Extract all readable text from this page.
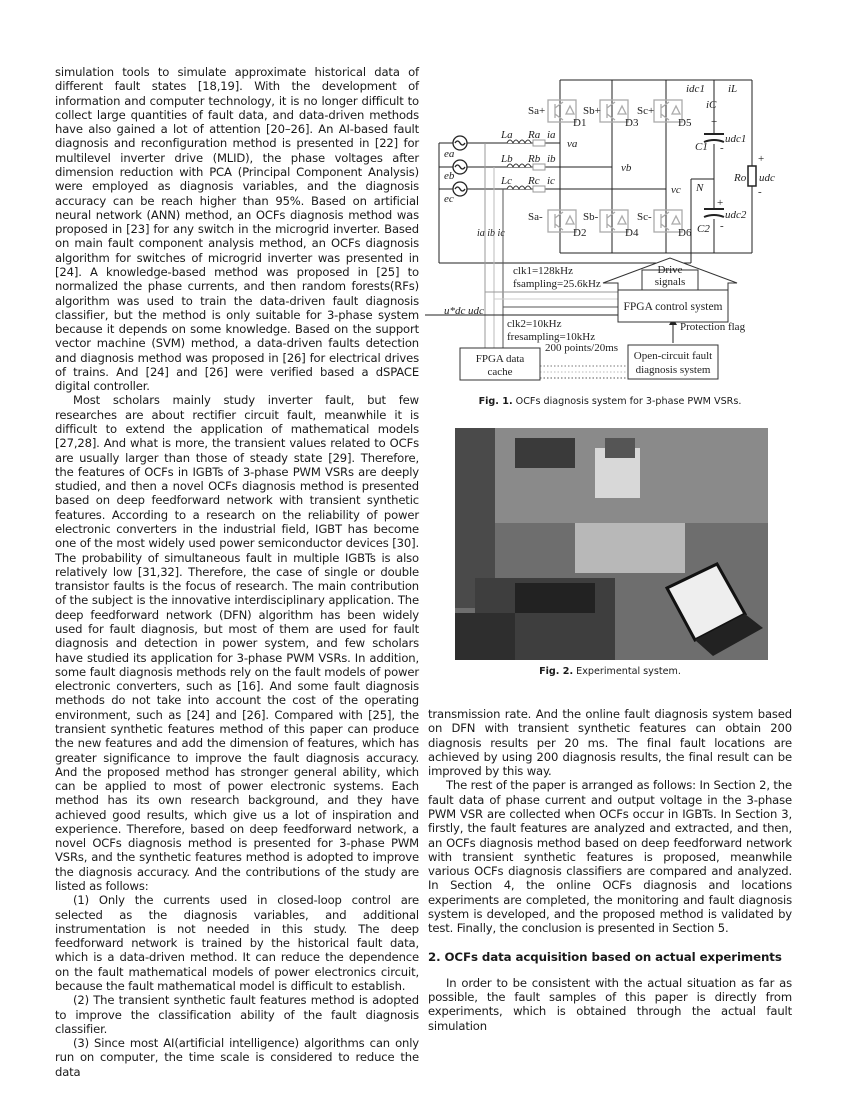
simulation tools to simulate approximate historical data of different fault states [18,19]. With the development of information and computer technology, it is no longer difficult to collect large quantities of fault data, and data-driven methods have also gained a lot of attention [20–26]. An AI-based fault diagnosis and reconfiguration method is presented in [22] for multilevel inverter drive (MLID), the phase voltages after dimension reduction with PCA (Principal Component Analysis) were employed as diagnosis variables, and the diagnosis accuracy can be reach higher than 95%. Based on artificial neural network (ANN) method, an OCFs diagnosis method was proposed in [23] for any switch in the microgrid inverter. Based on main fault component analysis method, an OCFs diagnosis algorithm for switches of microgrid inverter was presented in [24]. A knowledge-based method was proposed in [25] to normalized the phase currents, and then random forests(RFs) algorithm was used to train the data-driven fault diagnosis classifier, but the method is only suitable for 3-phase system because it depends on some knowledge. Based on the support vector machine (SVM) method, a data-driven faults detection and diagnosis method was proposed in [26] for electrical drives of trains. And [24] and [26] were verified based a dSPACE digital controller.

Most scholars mainly study inverter fault, but few researches are about rectifier circuit fault, meanwhile it is difficult to extend the application of mathematical models [27,28]. And what is more, the transient values related to OCFs are usually larger than those of steady state [29]. Therefore, the features of OCFs in IGBTs of 3-phase PWM VSRs are deeply studied, and then a novel OCFs diagnosis method is presented based on deep feedforward network with transient synthetic features. According to a research on the reliability of power electronic converters in the industrial field, IGBT has become one of the most widely used power semiconductor devices [30]. The probability of simultaneous fault in multiple IGBTs is also relatively low [31,32]. Therefore, the case of single or double transistor faults is the focus of research. The main contribution of the subject is the innovative interdisciplinary application. The deep feedforward network (DFN) algorithm has been widely used for fault diagnosis, but most of them are used for fault diagnosis and detection in power system, and few scholars have studied its application for 3-phase PWM VSRs. In addition, some fault diagnosis methods rely on the fault models of power electronic converters, such as [16]. And some fault diagnosis methods do not take into account the cost of the operating environment, such as [24] and [26]. Compared with [25], the transient synthetic features method of this paper can produce the new features and add the dimension of features, which has greater significance to improve the fault diagnosis accuracy. And the proposed method has stronger general ability, which can be applied to most of power electronic systems. Each method has its own research background, and they have achieved good results, which give us a lot of inspiration and experience. Therefore, based on deep feedforward network, a novel OCFs diagnosis method is presented for 3-phase PWM VSRs, and the synthetic features method is adopted to improve the diagnosis accuracy. And the contributions of the study are listed as follows:

(1) Only the currents used in closed-loop control are selected as the diagnosis variables, and additional instrumentation is not needed in this study. The deep feedforward network is trained by the historical fault data, which is a data-driven method. It can reduce the dependence on the fault mathematical models of power electronics circuit, because the fault mathematical model is difficult to establish.

(2) The transient synthetic fault features method is adopted to improve the classification ability of the fault diagnosis classifier.

(3) Since most AI(artificial intelligence) algorithms can only run on computer, the time scale is considered to reduce the data

Sa+	Sb+	Sc+
D1	D3	D5
Sa-	Sb-	Sc-
D2	D4	D6
La
Lb
Lc
Ra
Rb
Rc
ia
ib
ic
ea
eb
ec
va
vb
vc
idc1 iL
iC
+
C1
udc1
-
Ro
+
udc
-
N
+
udc2
-
C2
ia ib ic
clk1=128kHz
fsampling=25.6kHz
u*dc udc
clk2=10kHz
fresampling=10kHz
200 points/20ms
Drive
signals
FPGA control system
Protection flag
FPGA data
cache
Open-circuit fault
diagnosis system
Fig. 1. OCFs diagnosis system for 3-phase PWM VSRs.
Fig. 2. Experimental system.

transmission rate. And the online fault diagnosis system based on DFN with transient synthetic features can obtain 200 diagnosis results per 20 ms. The final fault locations are achieved by using 200 diagnosis results, the final result can be improved by this way.

The rest of the paper is arranged as follows: In Section 2, the fault data of phase current and output voltage in the 3-phase PWM VSR are collected when OCFs occur in IGBTs. In Section 3, firstly, the fault features are analyzed and extracted, and then, an OCFs diagnosis method based on deep feedforward network with transient synthetic features is proposed, meanwhile various OCFs diagnosis classifiers are compared and analyzed. In Section 4, the online OCFs diagnosis and locations experiments are completed, the monitoring and fault diagnosis system is developed, and the proposed method is validated by test. Finally, the conclusion is presented in Section 5.

2. OCFs data acquisition based on actual experiments

In order to be consistent with the actual situation as far as possible, the fault samples of this paper is directly from experiments, which is obtained through the actual fault simulation
